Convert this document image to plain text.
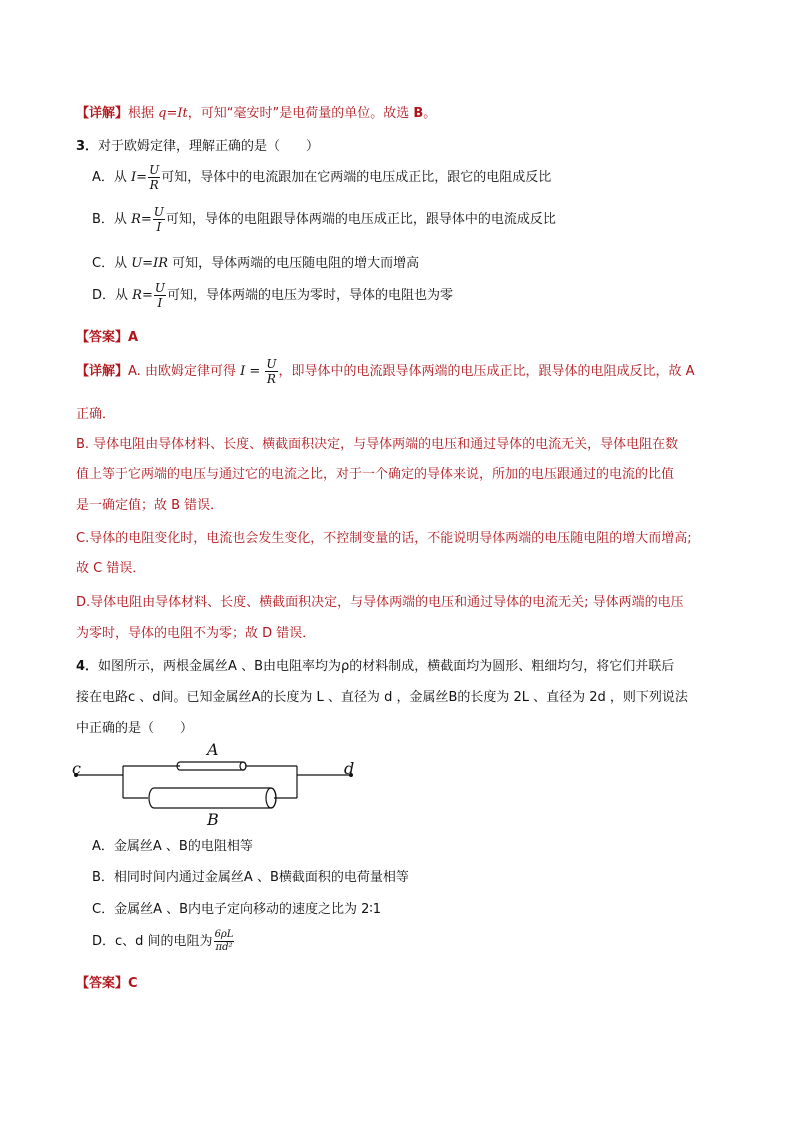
【详解】根据 q=It，可知“毫安时”是电荷量的单位。故选 B。
3．对于欧姆定律，理解正确的是（　　）
A．从 $I= \frac{U}{R}$ 可知，导体中的电流跟加在它两端的电压成正比，跟它的电阻成反比
B．从 $R= \frac{U}{I}$ 可知，导体的电阻跟导体两端的电压成正比，跟导体中的电流成反比
C．从 U=IR 可知，导体两端的电压随电阻的增大而增高
D．从 $R= \frac{U}{I}$ 可知，导体两端的电压为零时，导体的电阻也为零
【答案】A
【详解】A. 由欧姆定律可得 $I = \frac{U}{R}$ ，即导体中的电流跟导体两端的电压成正比，跟导体的电阻成反比，故 A
正确．
B. 导体电阻由导体材料、长度、横截面积决定，与导体两端的电压和通过导体的电流无关，导体电阻在数
值上等于它两端的电压与通过它的电流之比，对于一个确定的导体来说，所加的电压跟通过的电流的比值
是一确定值；故 B 错误．
C.导体的电阻变化时，电流也会发生变化，不控制变量的话，不能说明导体两端的电压随电阻的增大而增高;
故 C 错误．
D.导体电阻由导体材料、长度、横截面积决定，与导体两端的电压和通过导体的电流无关; 导体两端的电压
为零时，导体的电阻不为零；故 D 错误．
4．如图所示，两根金属丝A 、B由电阻率均为ρ的材料制成，横截面均为圆形、粗细均匀，将它们并联后
接在电路c 、d间。已知金属丝A的长度为 L 、直径为 d ，金属丝B的长度为 2L 、直径为 2d ，则下列说法
中正确的是（　　）
c	d
A
B
A．金属丝A 、B的电阻相等
B．相同时间内通过金属丝A 、B横截面积的电荷量相等
C．金属丝A 、B内电子定向移动的速度之比为 2∶1
D．c、d 间的电阻为 $\frac{6\rho L}{\text{πd²}}$
【答案】C
